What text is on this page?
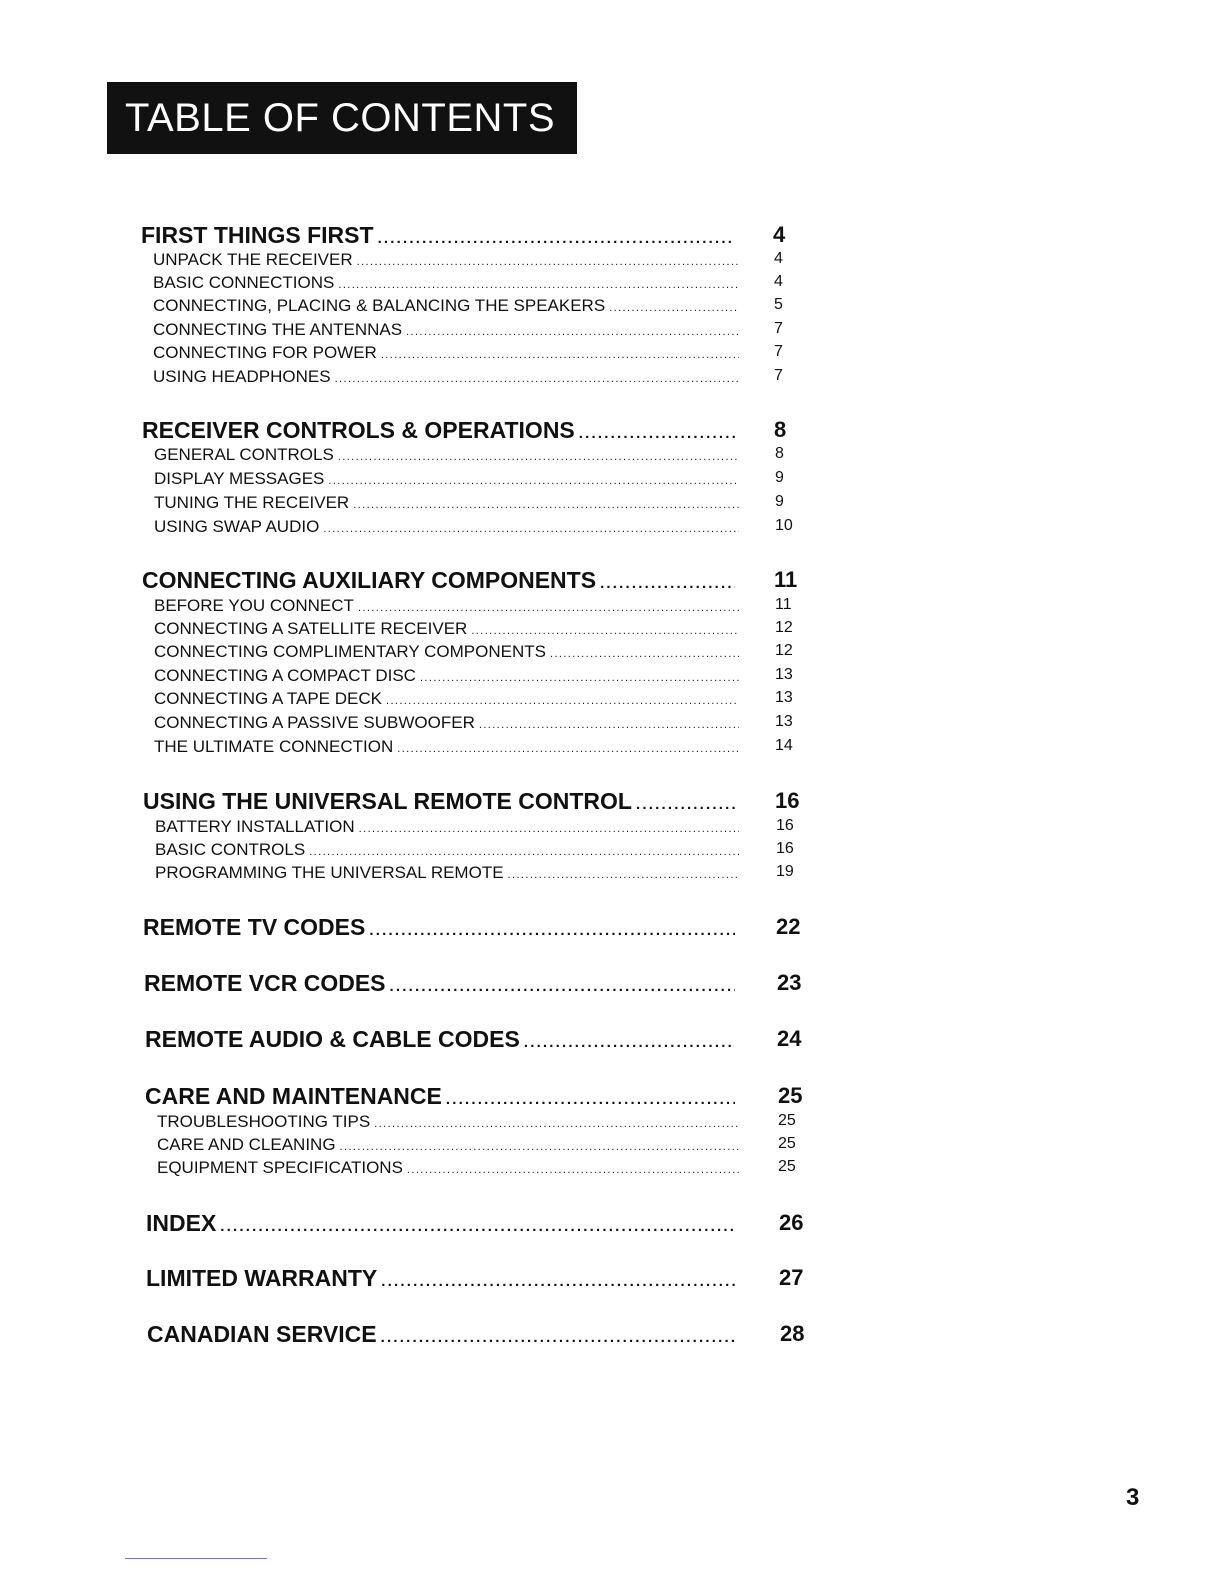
TABLE OF CONTENTS
FIRST THINGS FIRST .....	4
UNPACK THE RECEIVER .....	4
BASIC CONNECTIONS .....	4
CONNECTING, PLACING & BALANCING THE SPEAKERS .....	5
CONNECTING THE ANTENNAS .....	7
CONNECTING FOR POWER .....	7
USING HEADPHONES .....	7
RECEIVER CONTROLS & OPERATIONS .....	8
GENERAL CONTROLS .....	8
DISPLAY MESSAGES .....	9
TUNING THE RECEIVER .....	9
USING SWAP AUDIO .....	10
CONNECTING AUXILIARY COMPONENTS .....	11
BEFORE YOU CONNECT .....	11
CONNECTING A SATELLITE RECEIVER .....	12
CONNECTING COMPLIMENTARY COMPONENTS .....	12
CONNECTING A COMPACT DISC .....	13
CONNECTING A TAPE DECK .....	13
CONNECTING A PASSIVE SUBWOOFER .....	13
THE ULTIMATE CONNECTION .....	14
USING THE UNIVERSAL REMOTE CONTROL .....	16
BATTERY INSTALLATION .....	16
BASIC CONTROLS .....	16
PROGRAMMING THE UNIVERSAL REMOTE .....	19
REMOTE TV CODES .....	22
REMOTE VCR CODES .....	23
REMOTE AUDIO & CABLE CODES .....	24
CARE AND MAINTENANCE .....	25
TROUBLESHOOTING TIPS .....	25
CARE AND CLEANING .....	25
EQUIPMENT SPECIFICATIONS .....	25
INDEX .....	26
LIMITED WARRANTY .....	27
CANADIAN SERVICE .....	28
3
